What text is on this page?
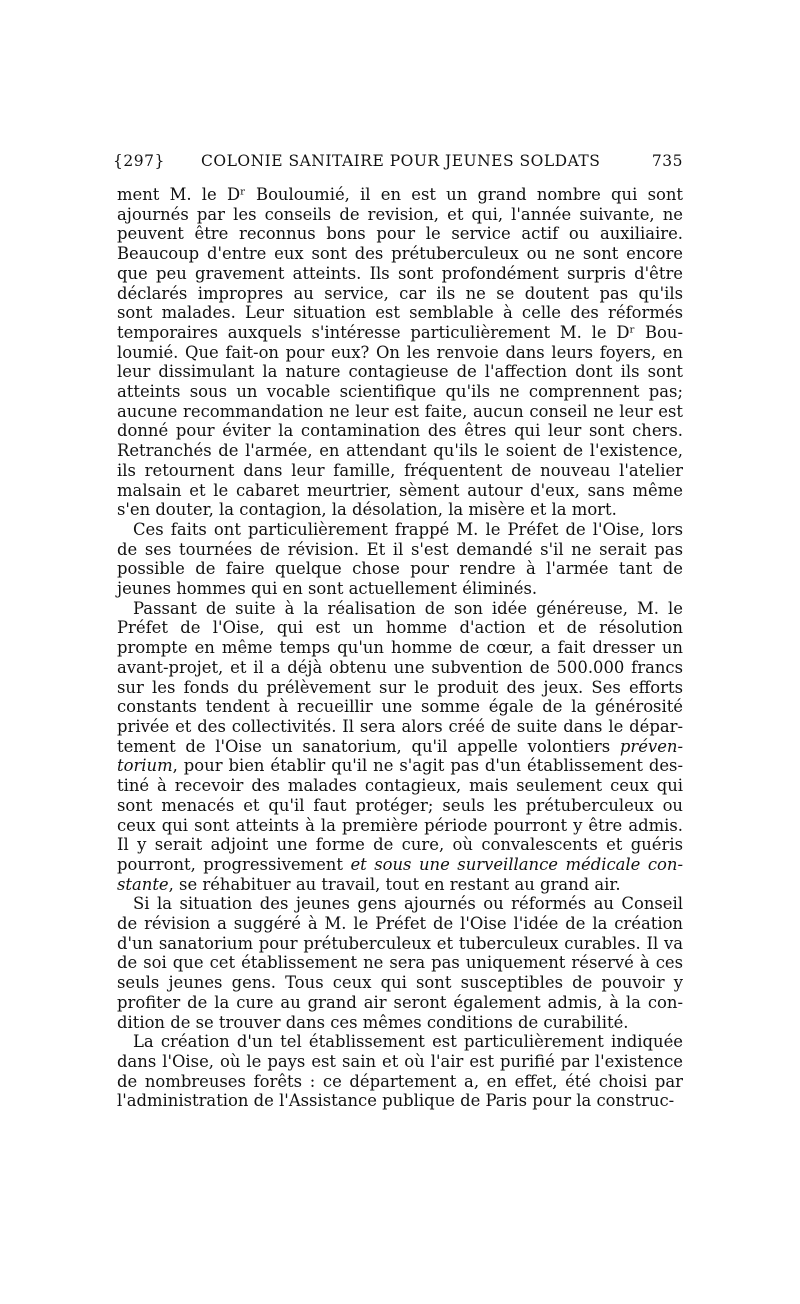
{297} COLONIE SANITAIRE POUR JEUNES SOLDATS	735
ment M. le Dʳ Bouloumié, il en est un grand nombre qui sont
ajournés par les conseils de revision, et qui, l'année suivante, ne
peuvent être reconnus bons pour le service actif ou auxiliaire.
Beaucoup d'entre eux sont des prétuberculeux ou ne sont encore
que peu gravement atteints. Ils sont profondément surpris d'être
déclarés impropres au service, car ils ne se doutent pas qu'ils
sont malades. Leur situation est semblable à celle des réformés
temporaires auxquels s'intéresse particulièrement M. le Dʳ Bou-
loumié. Que fait-on pour eux? On les renvoie dans leurs foyers, en
leur dissimulant la nature contagieuse de l'affection dont ils sont
atteints sous un vocable scientifique qu'ils ne comprennent pas;
aucune recommandation ne leur est faite, aucun conseil ne leur est
donné pour éviter la contamination des êtres qui leur sont chers.
Retranchés de l'armée, en attendant qu'ils le soient de l'existence,
ils retournent dans leur famille, fréquentent de nouveau l'atelier
malsain et le cabaret meurtrier, sèment autour d'eux, sans même
s'en douter, la contagion, la désolation, la misère et la mort.
Ces faits ont particulièrement frappé M. le Préfet de l'Oise, lors
de ses tournées de révision. Et il s'est demandé s'il ne serait pas
possible de faire quelque chose pour rendre à l'armée tant de
jeunes hommes qui en sont actuellement éliminés.
Passant de suite à la réalisation de son idée généreuse, M. le
Préfet de l'Oise, qui est un homme d'action et de résolution
prompte en même temps qu'un homme de cœur, a fait dresser un
avant-projet, et il a déjà obtenu une subvention de 500.000 francs
sur les fonds du prélèvement sur le produit des jeux. Ses efforts
constants tendent à recueillir une somme égale de la générosité
privée et des collectivités. Il sera alors créé de suite dans le dépar-
tement de l'Oise un sanatorium, qu'il appelle volontiers préven-
torium, pour bien établir qu'il ne s'agit pas d'un établissement des-
tiné à recevoir des malades contagieux, mais seulement ceux qui
sont menacés et qu'il faut protéger; seuls les prétuberculeux ou
ceux qui sont atteints à la première période pourront y être admis.
Il y serait adjoint une forme de cure, où convalescents et guéris
pourront, progressivement et sous une surveillance médicale con-
stante, se réhabituer au travail, tout en restant au grand air.
Si la situation des jeunes gens ajournés ou réformés au Conseil
de révision a suggéré à M. le Préfet de l'Oise l'idée de la création
d'un sanatorium pour prétuberculeux et tuberculeux curables. Il va
de soi que cet établissement ne sera pas uniquement réservé à ces
seuls jeunes gens. Tous ceux qui sont susceptibles de pouvoir y
profiter de la cure au grand air seront également admis, à la con-
dition de se trouver dans ces mêmes conditions de curabilité.
La création d'un tel établissement est particulièrement indiquée
dans l'Oise, où le pays est sain et où l'air est purifié par l'existence
de nombreuses forêts : ce département a, en effet, été choisi par
l'administration de l'Assistance publique de Paris pour la construc-
